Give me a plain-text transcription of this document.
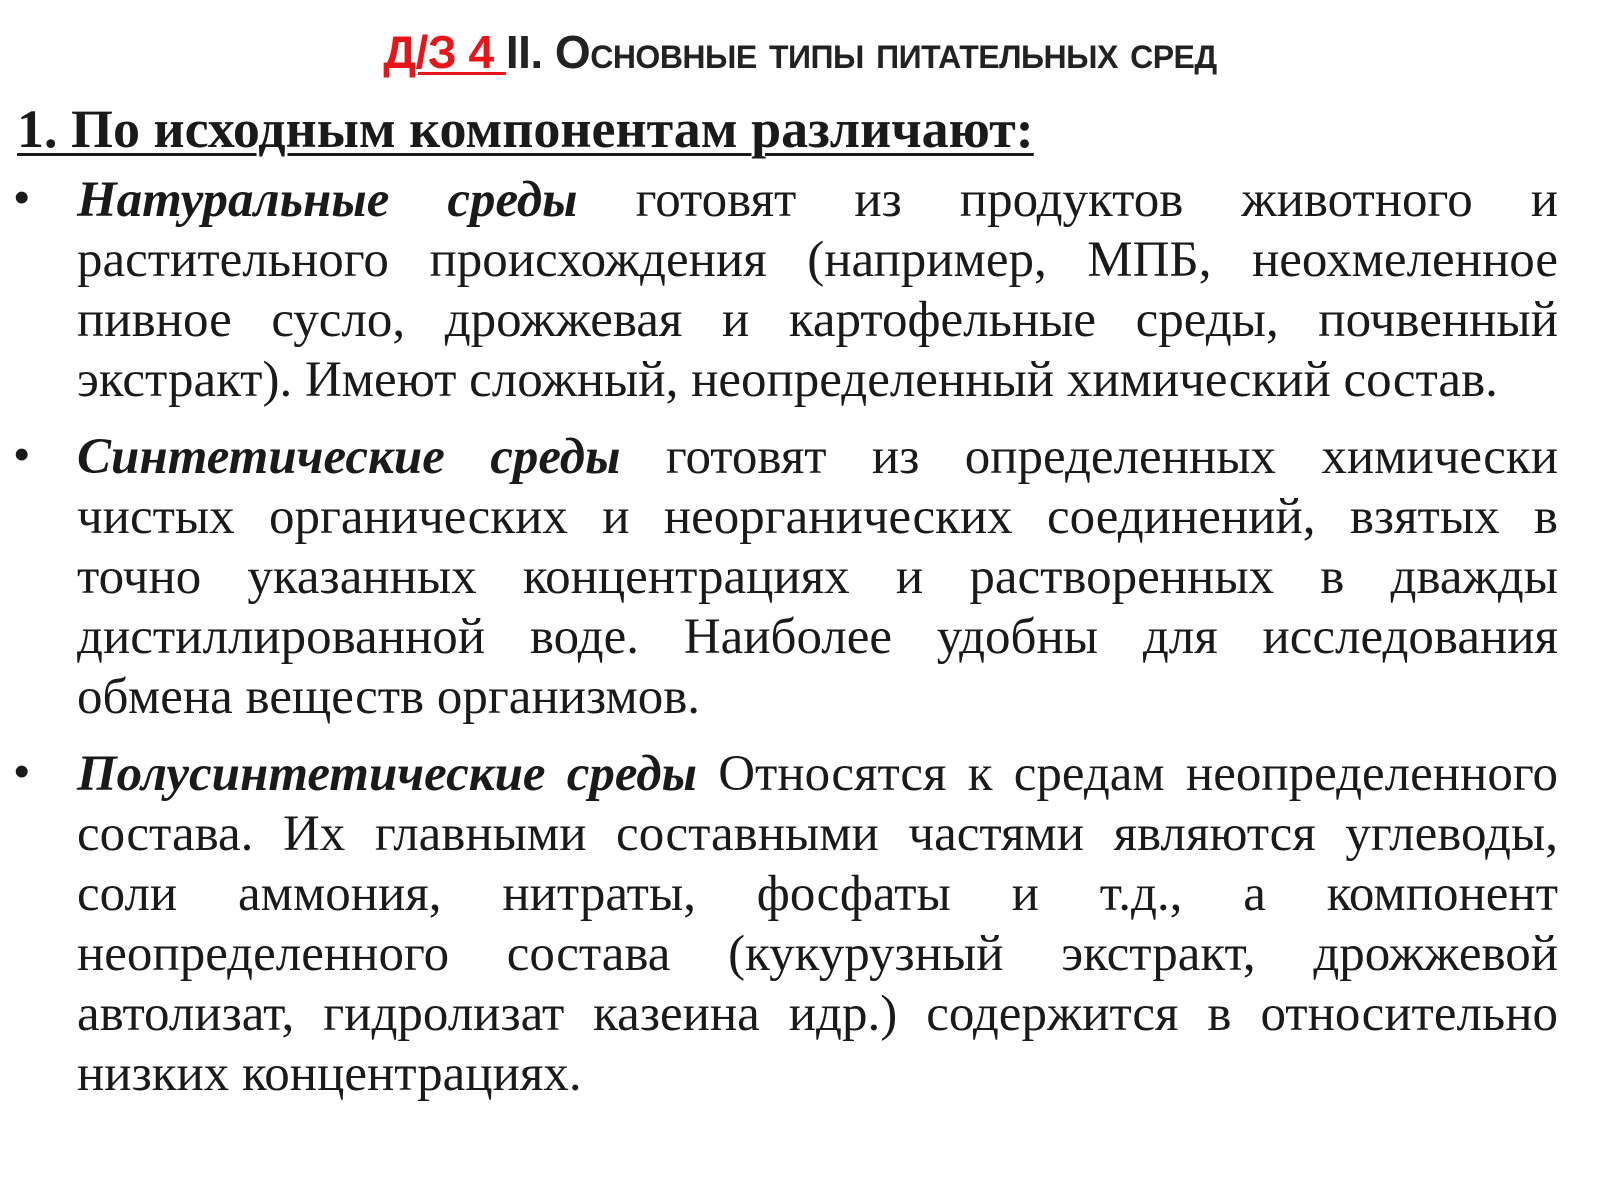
Д/З 4 II. Основные типы питательных сред
1. По исходным компонентам различают:
• Натуральные среды готовят из продуктов животного и растительного происхождения (например, МПБ, неохмеленное пивное сусло, дрожжевая и картофельные среды, почвенный экстракт). Имеют сложный, неопределенный химический состав.
• Синтетические среды готовят из определенных химически чистых органических и неорганических соединений, взятых в точно указанных концентрациях и растворенных в дважды дистиллированной воде. Наиболее удобны для исследования обмена веществ организмов.
• Полусинтетические среды Относятся к средам неопределенного состава. Их главными составными частями являются углеводы, соли аммония, нитраты, фосфаты и т.д., а компонент неопределенного состава (кукурузный экстракт, дрожжевой автолизат, гидролизат казеина идр.) содержится в относительно низких концентрациях.
